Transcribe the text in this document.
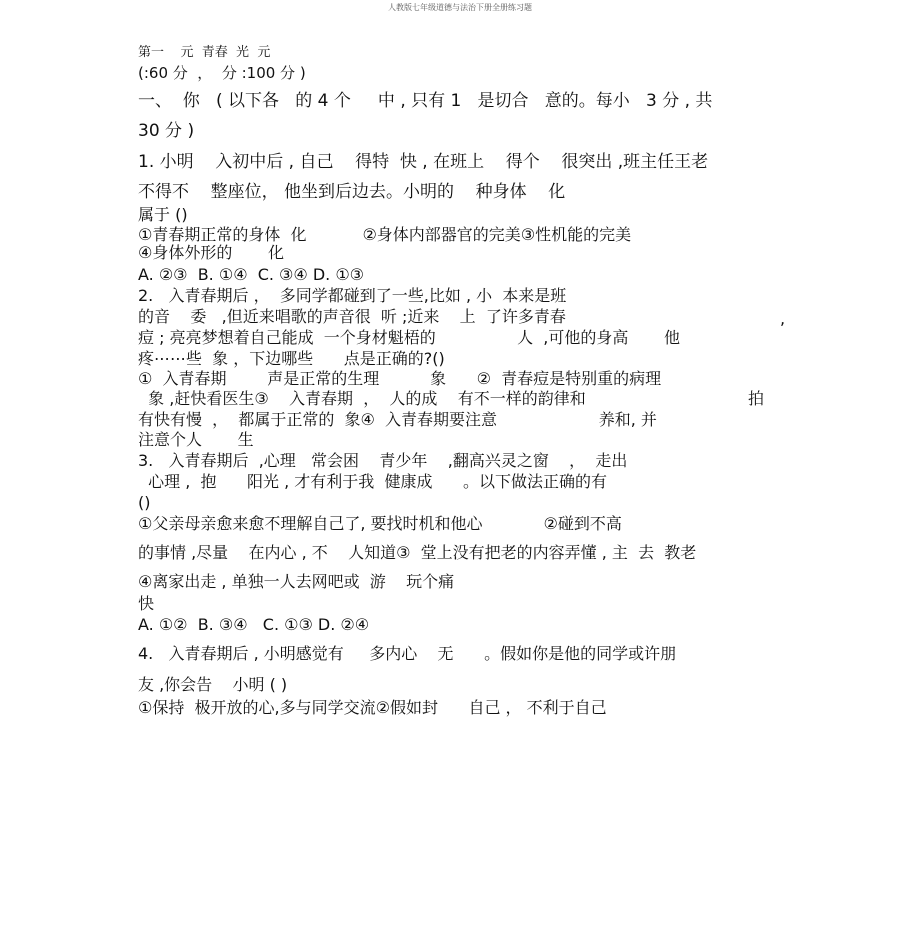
人教版七年级道德与法治下册全册练习题
第一    元  青春  光  元
(:60 分  ，  分 :100 分 )
一、  你   ( 以下各   的 4 个     中 , 只有 1   是切合   意的。每小   3 分 , 共
30 分 )
1. 小明    入初中后 , 自己    得特  快 , 在班上    得个    很突出 ,班主任王老
不得不    整座位， 他坐到后边去。小明的    种身体    化
属于 ()
①青春期正常的身体  化           ②身体内部器官的完美③性机能的完美
④身体外形的       化
A. ②③  B. ①④  C. ③④ D. ①③
2.   入青春期后 ，  多同学都碰到了一些,比如 , 小  本来是班
的音    委   ,但近来唱歌的声音很  听 ;近来    上  了许多青春	,
痘 ; 亮亮梦想着自己能成  一个身材魁梧的                人  ,可他的身高       他
疼⋯⋯些  象 ，下边哪些      点是正确的?()
①  入青春期        声是正常的生理          象      ②  青春痘是特别重的病理
象 ,赶快看医生③    入青春期  ，  人的成    有不一样的韵律和	拍
有快有慢  ，  都属于正常的  象④  入青春期要注意                    养和, 并
注意个人       生
3.   入青春期后  ,心理   常会困    青少年    ,翻高兴灵之窗    ，  走出
心理 ,  抱      阳光 , 才有利于我  健康成      。以下做法正确的有
()
①父亲母亲愈来愈不理解自己了, 要找时机和他心            ②碰到不高
的事情 ,尽量    在内心 , 不    人知道③  堂上没有把老的内容弄懂 , 主  去  教老
④离家出走 , 单独一人去网吧或  游    玩个痛
快
A. ①②  B. ③④   C. ①③ D. ②④
4.   入青春期后 , 小明感觉有     多内心    无      。假如你是他的同学或许朋
友 ,你会告    小明 ( )
①保持  极开放的心,多与同学交流②假如封      自己 ， 不利于自己
